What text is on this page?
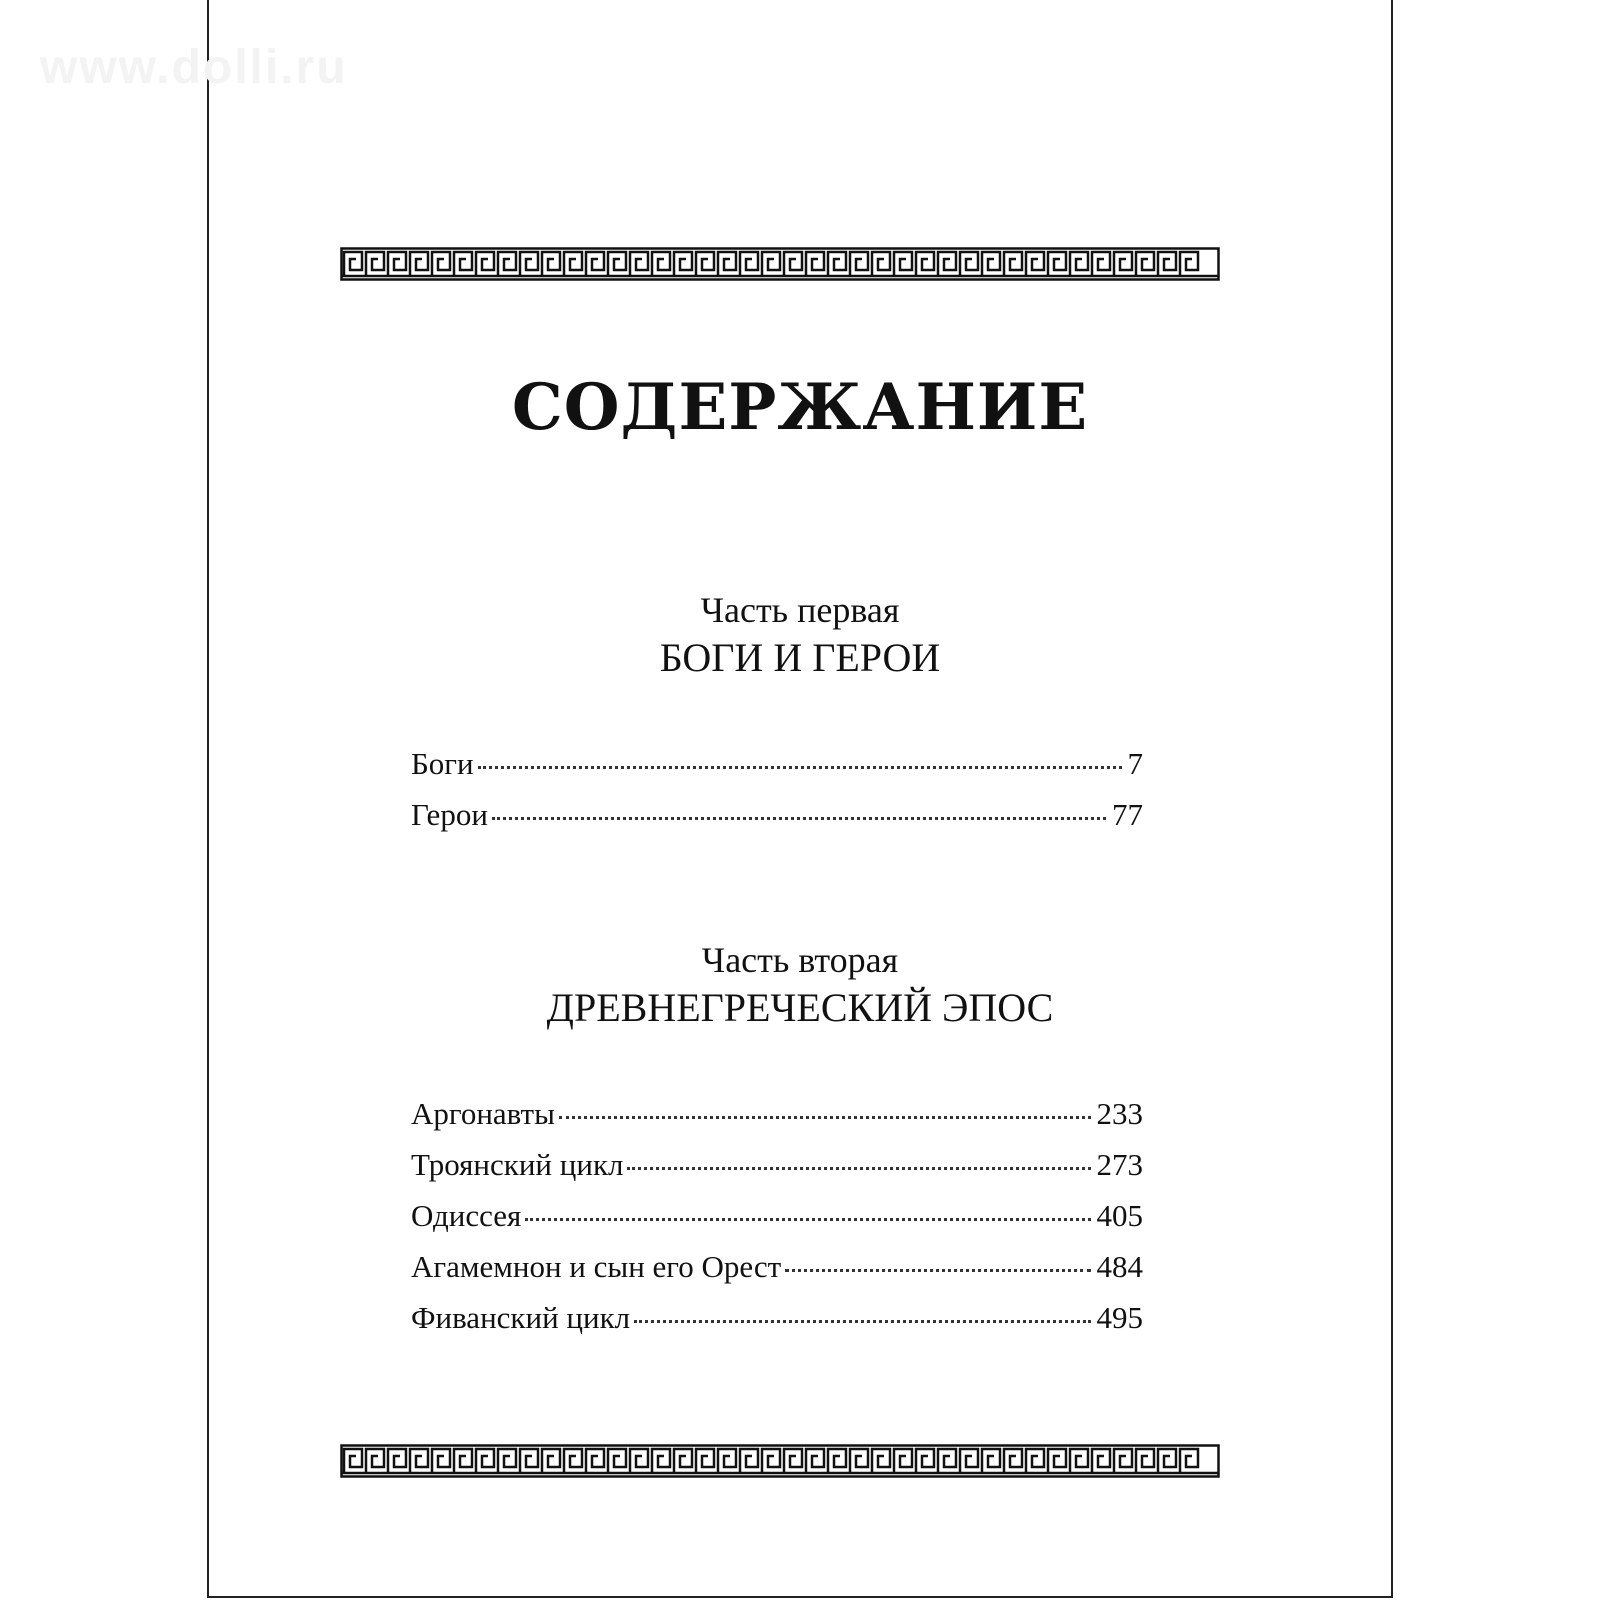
www.dolli.ru
СОДЕРЖАНИЕ

Часть первая

БОГИ И ГЕРОИ

Боги	7
Герои	77

Часть вторая

ДРЕВНЕГРЕЧЕСКИЙ ЭПОС

Аргонавты	233
Троянский цикл	273
Одиссея	405
Агамемнон и сын его Орест	484
Фиванский цикл	495
